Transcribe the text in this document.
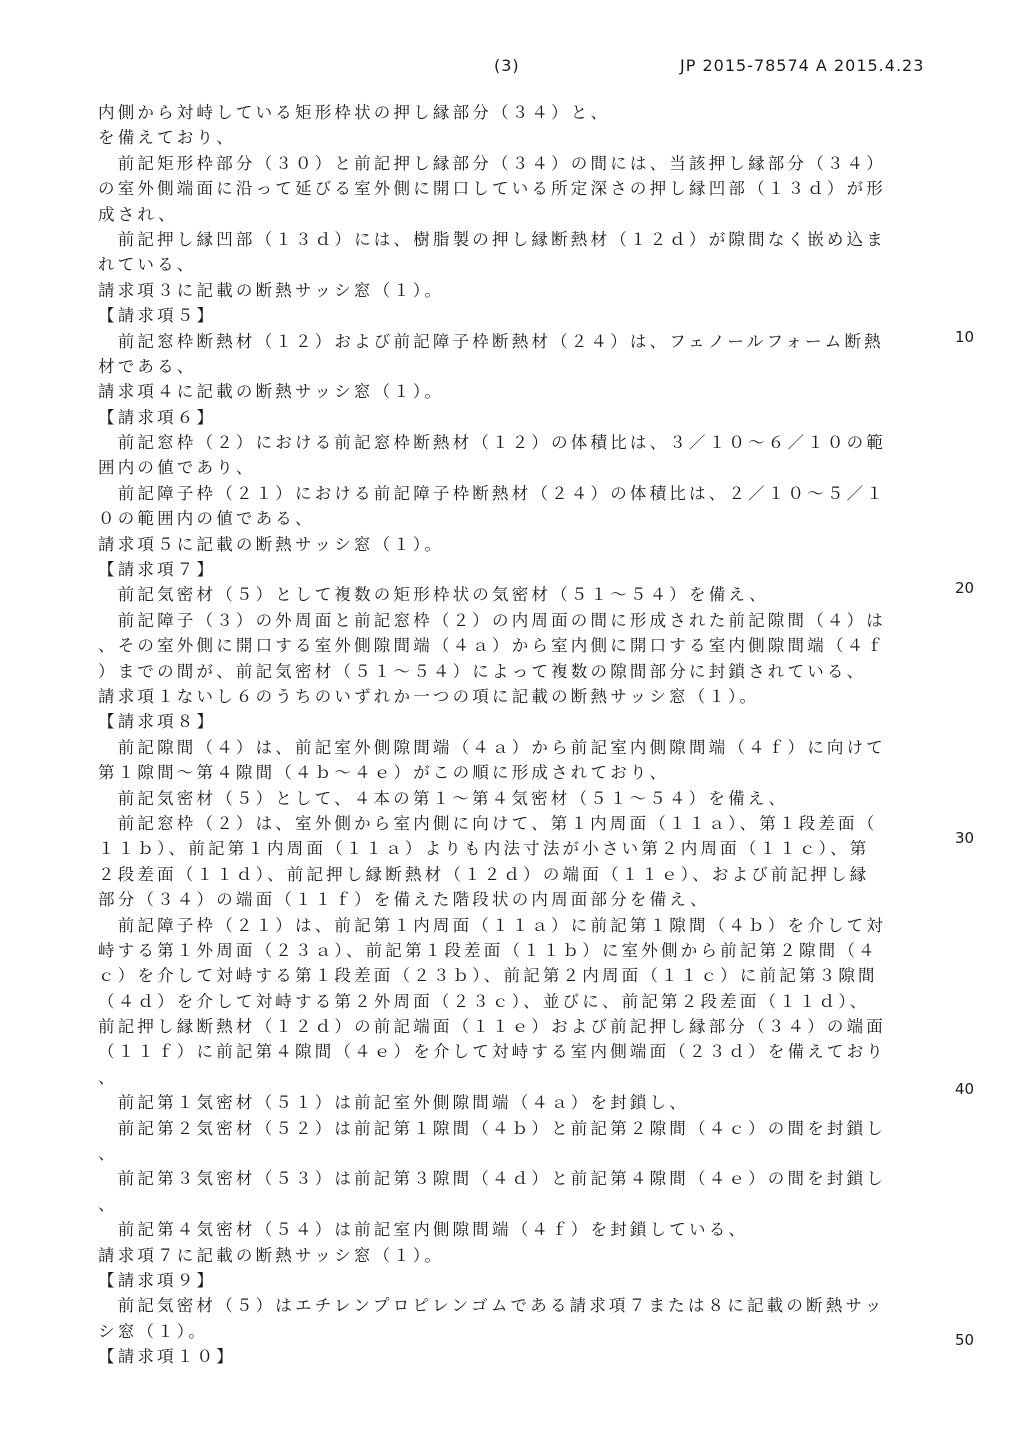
(3)	JP 2015-78574 A 2015.4.23
内側から対峙している矩形枠状の押し縁部分（３４）と、
を備えており、
　前記矩形枠部分（３０）と前記押し縁部分（３４）の間には、当該押し縁部分（３４）
の室外側端面に沿って延びる室外側に開口している所定深さの押し縁凹部（１３ｄ）が形
成され、
　前記押し縁凹部（１３ｄ）には、樹脂製の押し縁断熱材（１２ｄ）が隙間なく嵌め込ま
れている、
請求項３に記載の断熱サッシ窓（１）。
【請求項５】
　前記窓枠断熱材（１２）および前記障子枠断熱材（２４）は、フェノールフォーム断熱
材である、
請求項４に記載の断熱サッシ窓（１）。
【請求項６】
　前記窓枠（２）における前記窓枠断熱材（１２）の体積比は、３／１０～６／１０の範
囲内の値であり、
　前記障子枠（２１）における前記障子枠断熱材（２４）の体積比は、２／１０～５／１
０の範囲内の値である、
請求項５に記載の断熱サッシ窓（１）。
【請求項７】
　前記気密材（５）として複数の矩形枠状の気密材（５１～５４）を備え、
　前記障子（３）の外周面と前記窓枠（２）の内周面の間に形成された前記隙間（４）は
、その室外側に開口する室外側隙間端（４ａ）から室内側に開口する室内側隙間端（４ｆ
）までの間が、前記気密材（５１～５４）によって複数の隙間部分に封鎖されている、
請求項１ないし６のうちのいずれか一つの項に記載の断熱サッシ窓（１）。
【請求項８】
　前記隙間（４）は、前記室外側隙間端（４ａ）から前記室内側隙間端（４ｆ）に向けて
第１隙間～第４隙間（４ｂ～４ｅ）がこの順に形成されており、
　前記気密材（５）として、４本の第１～第４気密材（５１～５４）を備え、
　前記窓枠（２）は、室外側から室内側に向けて、第１内周面（１１ａ）、第１段差面（
１１ｂ）、前記第１内周面（１１ａ）よりも内法寸法が小さい第２内周面（１１ｃ）、第
２段差面（１１ｄ）、前記押し縁断熱材（１２ｄ）の端面（１１ｅ）、および前記押し縁
部分（３４）の端面（１１ｆ）を備えた階段状の内周面部分を備え、
　前記障子枠（２１）は、前記第１内周面（１１ａ）に前記第１隙間（４ｂ）を介して対
峙する第１外周面（２３ａ）、前記第１段差面（１１ｂ）に室外側から前記第２隙間（４
ｃ）を介して対峙する第１段差面（２３ｂ）、前記第２内周面（１１ｃ）に前記第３隙間
（４ｄ）を介して対峙する第２外周面（２３ｃ）、並びに、前記第２段差面（１１ｄ）、
前記押し縁断熱材（１２ｄ）の前記端面（１１ｅ）および前記押し縁部分（３４）の端面
（１１ｆ）に前記第４隙間（４ｅ）を介して対峙する室内側端面（２３ｄ）を備えており
、
　前記第１気密材（５１）は前記室外側隙間端（４ａ）を封鎖し、
　前記第２気密材（５２）は前記第１隙間（４ｂ）と前記第２隙間（４ｃ）の間を封鎖し
、
　前記第３気密材（５３）は前記第３隙間（４ｄ）と前記第４隙間（４ｅ）の間を封鎖し
、
　前記第４気密材（５４）は前記室内側隙間端（４ｆ）を封鎖している、
請求項７に記載の断熱サッシ窓（１）。
【請求項９】
　前記気密材（５）はエチレンプロピレンゴムである請求項７または８に記載の断熱サッ
シ窓（１）。
【請求項１０】
10
20
30
40
50
